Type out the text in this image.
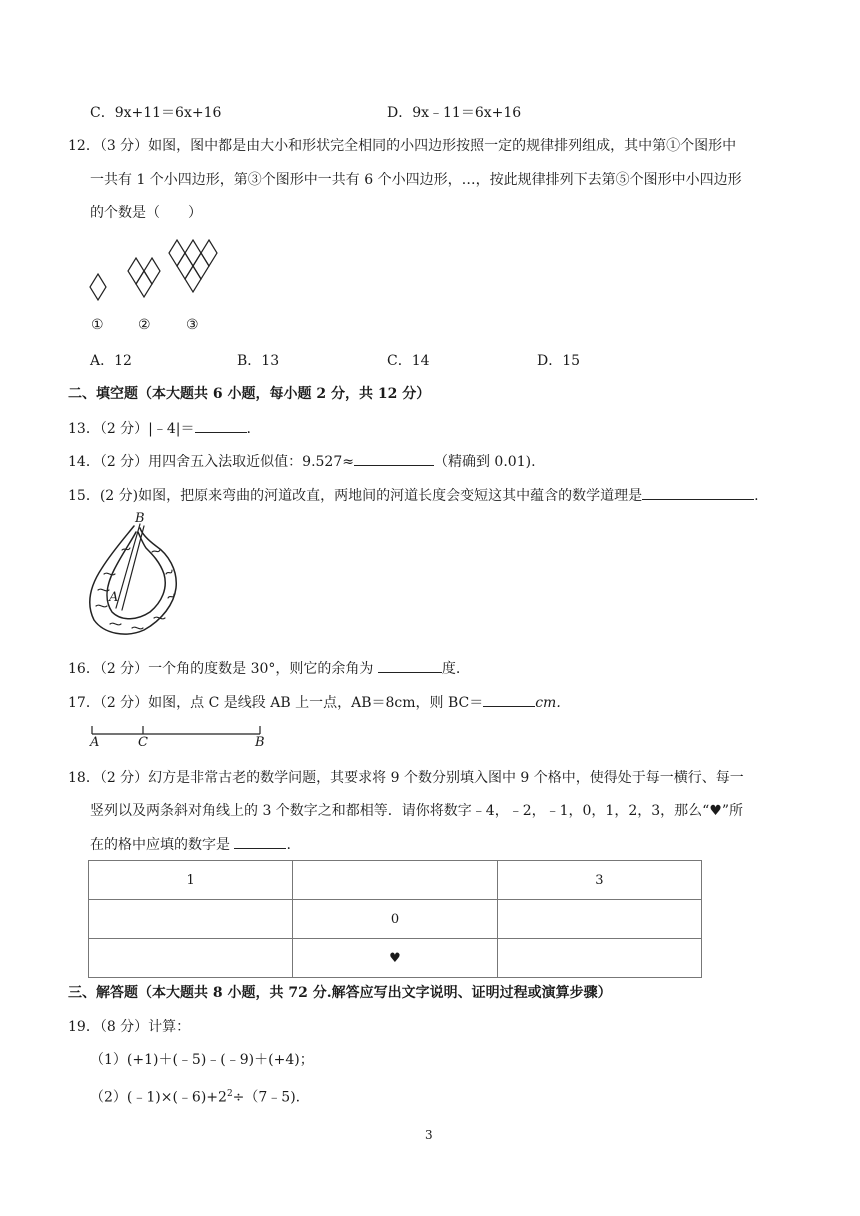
C．9x+11＝6x+16	D．9x﹣11＝6x+16
12．（3 分）如图，图中都是由大小和形状完全相同的小四边形按照一定的规律排列组成，其中第①个图形中
一共有 1 个小四边形，第③个图形中一共有 6 个小四边形，…，按此规律排列下去第⑤个图形中小四边形
的个数是（　　）
① ②	③
A．12	B．13	C．14	D．15
二、填空题（本大题共 6 小题，每小题 2 分，共 12 分）
13．（2 分）|﹣4|＝	.
14．（2 分）用四舍五入法取近似值：9.527≈	（精确到 0.01).
15．(2 分)如图，把原来弯曲的河道改直，两地间的河道长度会变短这其中蕴含的数学道理是	.
B
A
16．（2 分）一个角的度数是 30°，则它的余角为	度.
17．（2 分）如图，点 C 是线段 AB 上一点，AB＝8cm，则 BC＝	cm.
A	C	B
18．（2 分）幻方是非常古老的数学问题，其要求将 9 个数分别填入图中 9 个格中，使得处于每一横行、每一
竖列以及两条斜对角线上的 3 个数字之和都相等．请你将数字﹣4，﹣2，﹣1，0，1，2，3，那么“♥”所
在的格中应填的数字是	.
1		3
	0	
	♥	
三、解答题（本大题共 8 小题，共 72 分.解答应写出文字说明、证明过程或演算步骤）
19．（8 分）计算：
（1）(+1)＋(﹣5)﹣(﹣9)＋(+4)；
$(2)(﹣1)\times(﹣6)+2^2\div(7﹣5)$.
3
